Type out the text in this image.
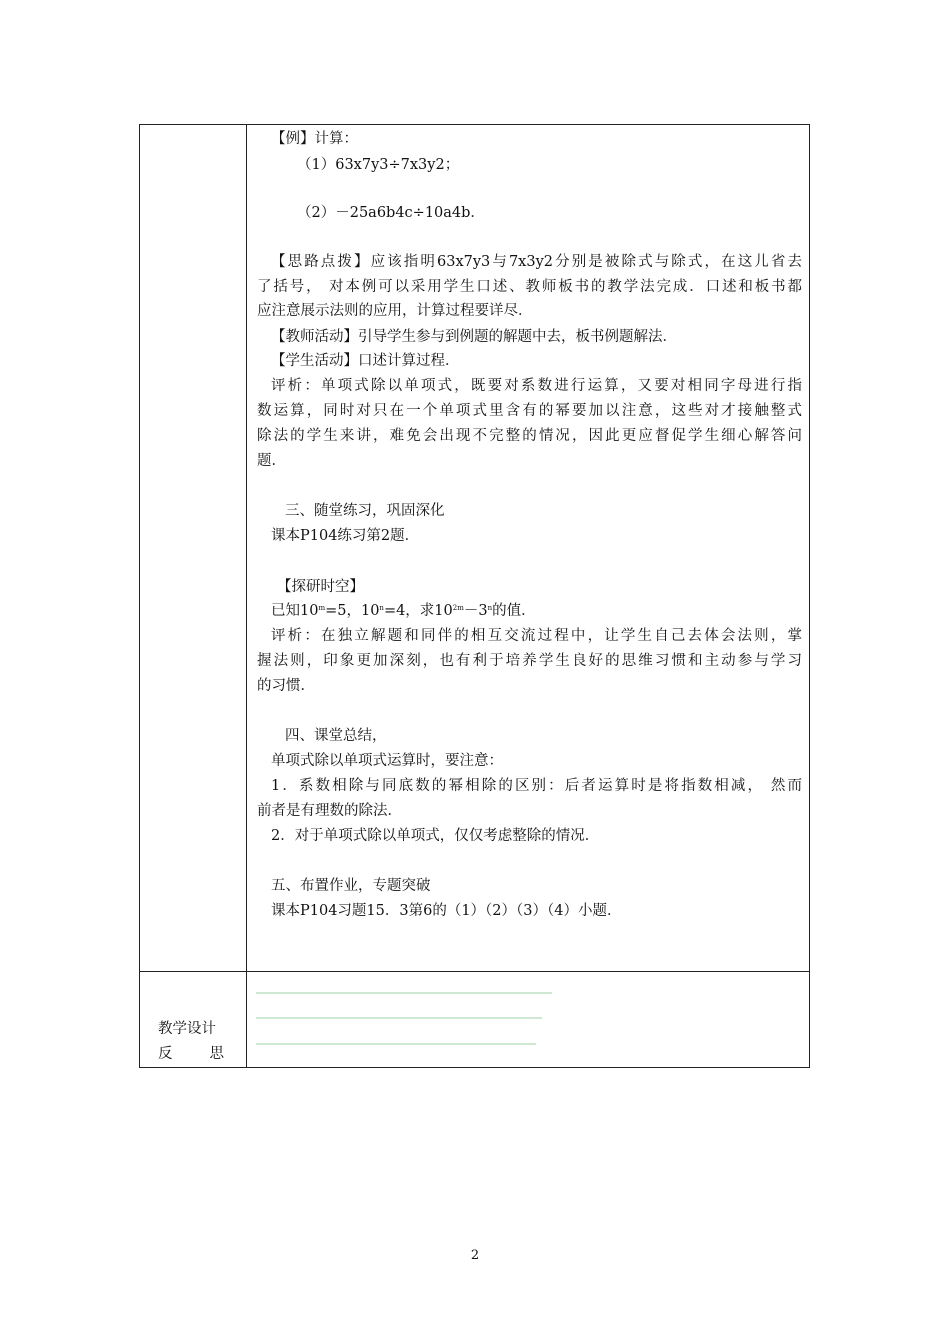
【例】计算：
（1）63x7y3÷7x3y2；
（2）－25a6b4c÷10a4b．
【思路点拨】应该指明63x7y3与7x3y2分别是被除式与除式，在这儿省去
了括号， 对本例可以采用学生口述、教师板书的教学法完成．口述和板书都
应注意展示法则的应用，计算过程要详尽．
【教师活动】引导学生参与到例题的解题中去，板书例题解法．
【学生活动】口述计算过程．
评析：单项式除以单项式，既要对系数进行运算，又要对相同字母进行指
数运算，同时对只在一个单项式里含有的幂要加以注意，这些对才接触整式
除法的学生来讲，难免会出现不完整的情况，因此更应督促学生细心解答问
题．
三、随堂练习，巩固深化
课本P104练习第2题．
【探研时空】
已知$10^m=5$，$10^n=4$，求$10^{2m}-3^n$的值．
评析：在独立解题和同伴的相互交流过程中，让学生自己去体会法则，掌
握法则，印象更加深刻，也有利于培养学生良好的思维习惯和主动参与学习
的习惯．
四、课堂总结，
单项式除以单项式运算时，要注意：
1．系数相除与同底数的幂相除的区别：后者运算时是将指数相减， 然而
前者是有理数的除法．
2．对于单项式除以单项式，仅仅考虑整除的情况．
五、布置作业，专题突破
课本P104习题15．3第6的（1）（2）（3）（4）小题．
教学设计
反思
2
